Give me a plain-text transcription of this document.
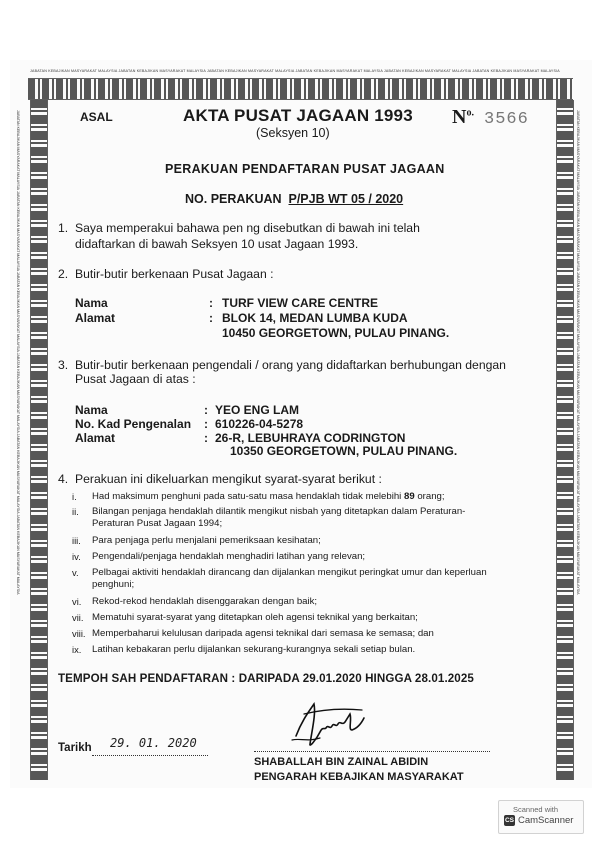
JABATAN KEBAJIKAN MASYARAKAT MALAYSIA JABATAN KEBAJIKAN MASYARAKAT MALAYSIA JABATAN KEBAJIKAN MASYARAKAT MALAYSIA JABATAN KEBAJIKAN MASYARAKAT MALAYSIA JABATAN KEBAJIKAN MASYARAKAT MALAYSIA JABATAN KEBAJIKAN MASYARAKAT MALAYSIA
JABATAN KEBAJIKAN MASYARAKAT MALAYSIA JABATAN KEBAJIKAN MASYARAKAT MALAYSIA JABATAN KEBAJIKAN MASYARAKAT MALAYSIA JABATAN KEBAJIKAN MASYARAKAT MALAYSIA JABATAN KEBAJIKAN MASYARAKAT MALAYSIA JABATAN KEBAJIKAN MASYARAKAT MALAYSIA	JABATAN KEBAJIKAN MASYARAKAT MALAYSIA JABATAN KEBAJIKAN MASYARAKAT MALAYSIA JABATAN KEBAJIKAN MASYARAKAT MALAYSIA JABATAN KEBAJIKAN MASYARAKAT MALAYSIA JABATAN KEBAJIKAN MASYARAKAT MALAYSIA JABATAN KEBAJIKAN MASYARAKAT MALAYSIA
ASAL	AKTA PUSAT JAGAAN 1993
(Seksyen 10)
$N^{o.}$ 3566
PERAKUAN PENDAFTARAN PUSAT JAGAAN
NO. PERAKUAN P/PJB WT 05 / 2020
1. Saya memperakui bahawa pen ng disebutkan di bawah ini telah
didaftarkan di bawah Seksyen 10 usat Jagaan 1993.
2. Butir-butir berkenaan Pusat Jagaan :
Nama
Alamat
:
:
TURF VIEW CARE CENTRE
BLOK 14, MEDAN LUMBA KUDA
10450 GEORGETOWN, PULAU PINANG.
3. Butir-butir berkenaan pengendali / orang yang didaftarkan berhubungan dengan
Pusat Jagaan di atas :
Nama
No. Kad Pengenalan
Alamat
:
:
:
YEO ENG LAM
610226-04-5278
26-R, LEBUHRAYA CODRINGTON
10350 GEORGETOWN, PULAU PINANG.
4. Perakuan ini dikeluarkan mengikut syarat-syarat berikut :
i. Had maksimum penghuni pada satu-satu masa hendaklah tidak melebihi 89 orang;
ii. Bilangan penjaga hendaklah dilantik mengikut nisbah yang ditetapkan dalam Peraturan-
Peraturan Pusat Jagaan 1994;
iii. Para penjaga perlu menjalani pemeriksaan kesihatan;
iv. Pengendali/penjaga hendaklah menghadiri latihan yang relevan;
v. Pelbagai aktiviti hendaklah dirancang dan dijalankan mengikut peringkat umur dan keperluan
penghuni;
vi. Rekod-rekod hendaklah disenggarakan dengan baik;
vii. Mematuhi syarat-syarat yang ditetapkan oleh agensi teknikal yang berkaitan;
viii. Memperbaharui kelulusan daripada agensi teknikal dari semasa ke semasa; dan
ix. Latihan kebakaran perlu dijalankan sekurang-kurangnya sekali setiap bulan.
TEMPOH SAH PENDAFTARAN : DARIPADA 29.01.2020 HINGGA 28.01.2025
Tarikh 29. 01. 2020
SHABALLAH BIN ZAINAL ABIDIN
PENGARAH KEBAJIKAN MASYARAKAT
Scanned with
CS CamScanner
